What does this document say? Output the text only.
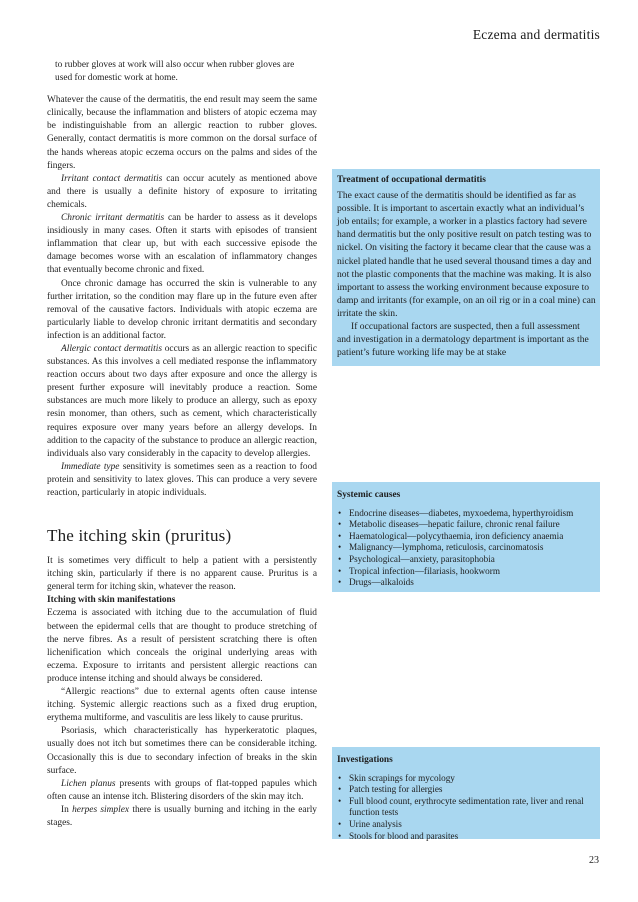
Eczema and dermatitis

to rubber gloves at work will also occur when rubber gloves are used for domestic work at home.

Whatever the cause of the dermatitis, the end result may seem the same clinically, because the inflammation and blisters of atopic eczema may be indistinguishable from an allergic reaction to rubber gloves. Generally, contact dermatitis is more common on the dorsal surface of the hands whereas atopic eczema occurs on the palms and sides of the fingers.

Irritant contact dermatitis can occur acutely as mentioned above and there is usually a definite history of exposure to irritating chemicals.

Chronic irritant dermatitis can be harder to assess as it develops insidiously in many cases. Often it starts with episodes of transient inflammation that clear up, but with each successive episode the damage becomes worse with an escalation of inflammatory changes that eventually become chronic and fixed.

Once chronic damage has occurred the skin is vulnerable to any further irritation, so the condition may flare up in the future even after removal of the causative factors. Individuals with atopic eczema are particularly liable to develop chronic irritant dermatitis and secondary infection is an additional factor.

Allergic contact dermatitis occurs as an allergic reaction to specific substances. As this involves a cell mediated response the inflammatory reaction occurs about two days after exposure and once the allergy is present further exposure will inevitably produce a reaction. Some substances are much more likely to produce an allergy, such as epoxy resin monomer, than others, such as cement, which characteristically requires exposure over many years before an allergy develops. In addition to the capacity of the substance to produce an allergic reaction, individuals also vary considerably in the capacity to develop allergies.

Immediate type sensitivity is sometimes seen as a reaction to food protein and sensitivity to latex gloves. This can produce a very severe reaction, particularly in atopic individuals.

The itching skin (pruritus)

It is sometimes very difficult to help a patient with a persistently itching skin, particularly if there is no apparent cause. Pruritus is a general term for itching skin, whatever the reason.

Itching with skin manifestations

Eczema is associated with itching due to the accumulation of fluid between the epidermal cells that are thought to produce stretching of the nerve fibres. As a result of persistent scratching there is often lichenification which conceals the original underlying areas with eczema. Exposure to irritants and persistent allergic reactions can produce intense itching and should always be considered.

“Allergic reactions” due to external agents often cause intense itching. Systemic allergic reactions such as a fixed drug eruption, erythema multiforme, and vasculitis are less likely to cause pruritus.

Psoriasis, which characteristically has hyperkeratotic plaques, usually does not itch but sometimes there can be considerable itching. Occasionally this is due to secondary infection of breaks in the skin surface.

Lichen planus presents with groups of flat-topped papules which often cause an intense itch. Blistering disorders of the skin may itch.

In herpes simplex there is usually burning and itching in the early stages.

Treatment of occupational dermatitis

The exact cause of the dermatitis should be identified as far as possible. It is important to ascertain exactly what an individual’s job entails; for example, a worker in a plastics factory had severe hand dermatitis but the only positive result on patch testing was to nickel. On visiting the factory it became clear that the cause was a nickel plated handle that he used several thousand times a day and not the plastic components that the machine was making. It is also important to assess the working environment because exposure to damp and irritants (for example, on an oil rig or in a coal mine) can irritate the skin.

If occupational factors are suspected, then a full assessment and investigation in a dermatology department is important as the patient’s future working life may be at stake

Systemic causes
• Endocrine diseases—diabetes, myxoedema, hyperthyroidism
• Metabolic diseases—hepatic failure, chronic renal failure
• Haematological—polycythaemia, iron deficiency anaemia
• Malignancy—lymphoma, reticulosis, carcinomatosis
• Psychological—anxiety, parasitophobia
• Tropical infection—filariasis, hookworm
• Drugs—alkaloids
Investigations
• Skin scrapings for mycology
• Patch testing for allergies
• Full blood count, erythrocyte sedimentation rate, liver and renal function tests
• Urine analysis
• Stools for blood and parasites
23
